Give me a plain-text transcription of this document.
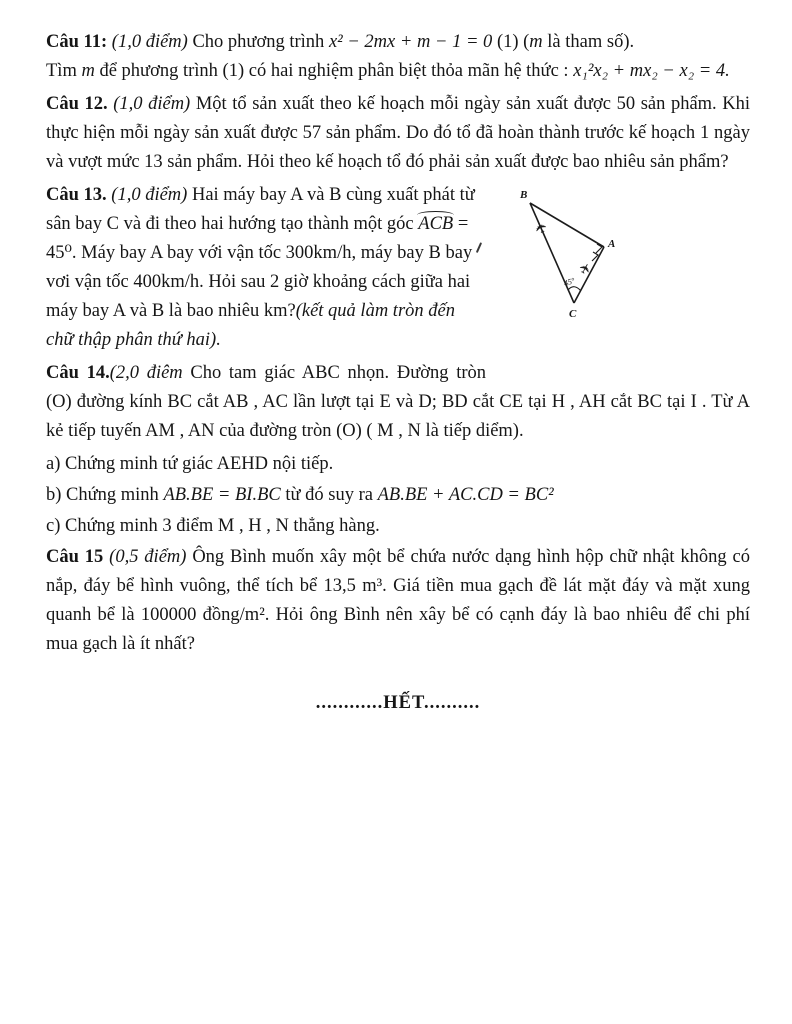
Câu 11: (1,0 điểm) Cho phương trình x² − 2mx + m − 1 = 0 (1) (m là tham số).
Tìm m để phương trình (1) có hai nghiệm phân biệt thỏa mãn hệ thức : x₁²x₂ + mx₂ − x₂ = 4.

Câu 12. (1,0 điểm) Một tổ sản xuất theo kế hoạch mỗi ngày sản xuất được 50 sản phẩm. Khi thực hiện mỗi ngày sản xuất được 57 sản phẩm. Do đó tổ đã hoàn thành trước kế hoạch 1 ngày và vượt mức 13 sản phẩm. Hỏi theo kế hoạch tổ đó phải sản xuất được bao nhiêu sản phẩm?

B
A
C
45°
✈
✈
Câu 13. (1,0 điểm) Hai máy bay A và B cùng xuất phát từ sân bay C và đi theo hai hướng tạo thành một góc ACB = 45⁰. Máy bay A bay với vận tốc 300km/h, máy bay B bay vơi vận tốc 400km/h. Hỏi sau 2 giờ khoảng cách giữa hai máy bay A và B là bao nhiêu km?(kết quả làm tròn đến chữ thập phân thứ hai).

Câu 14.(2,0 điêm Cho tam giác ABC nhọn. Đường tròn (O) đường kính BC cắt AB , AC lần lượt tại E và D; BD cắt CE tại H , AH cắt BC tại I . Từ A kẻ tiếp tuyến AM , AN của đường tròn (O) ( M , N là tiếp diểm).

a) Chứng minh tứ giác AEHD nội tiếp.

b) Chứng minh AB.BE = BI.BC từ đó suy ra AB.BE + AC.CD = BC²

c) Chứng minh 3 điểm M , H , N thẳng hàng.

Câu 15 (0,5 điểm) Ông Bình muốn xây một bể chứa nước dạng hình hộp chữ nhật không có nắp, đáy bể hình vuông, thể tích bể 13,5 m³. Giá tiền mua gạch đề lát mặt đáy và mặt xung quanh bể là 100000 đồng/m². Hỏi ông Bình nên xây bể có cạnh đáy là bao nhiêu để chi phí mua gạch là ít nhất?

............HẾT..........
